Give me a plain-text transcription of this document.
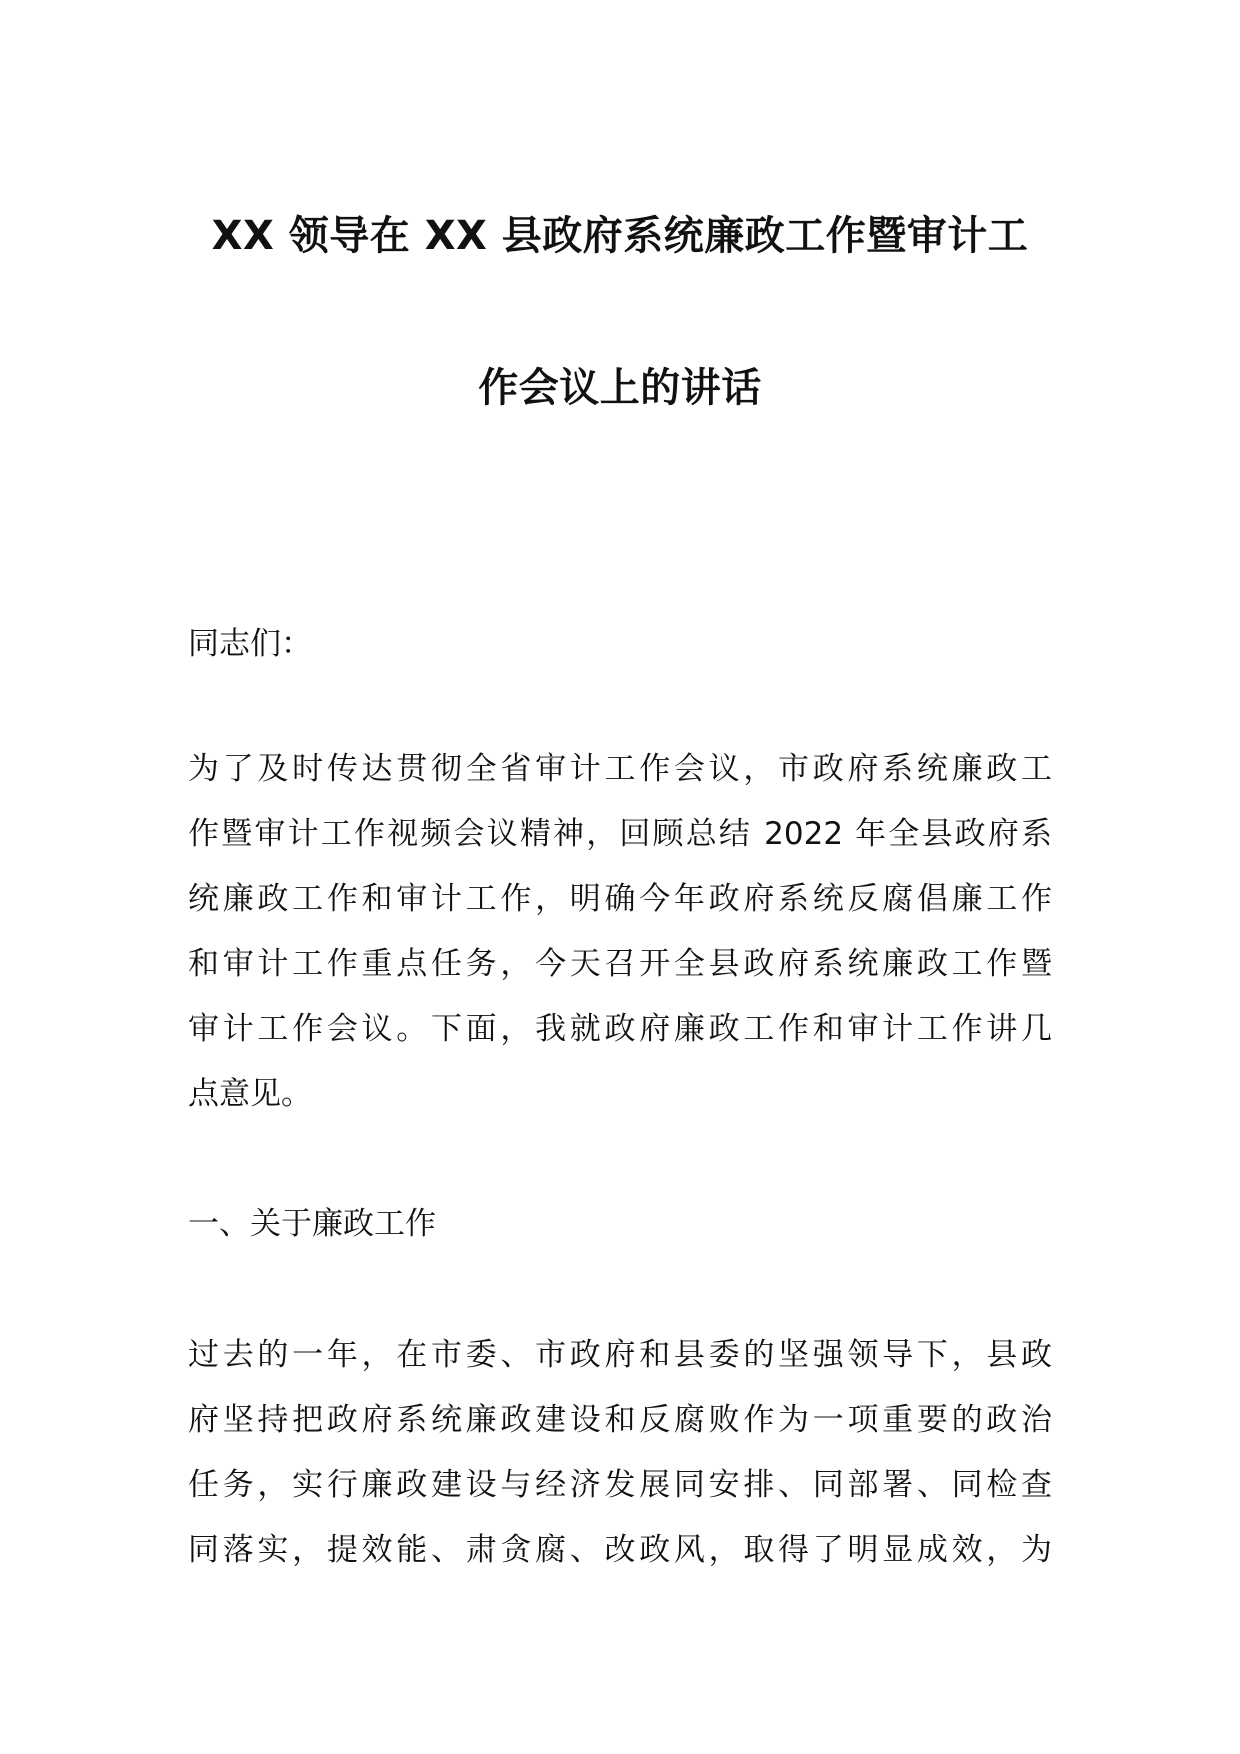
XX 领导在 XX 县政府系统廉政工作暨审计工
作会议上的讲话

同志们：

为了及时传达贯彻全省审计工作会议，市政府系统廉政工
作暨审计工作视频会议精神，回顾总结 2022 年全县政府系
统廉政工作和审计工作，明确今年政府系统反腐倡廉工作
和审计工作重点任务，今天召开全县政府系统廉政工作暨
审计工作会议。下面，我就政府廉政工作和审计工作讲几
点意见。

一、关于廉政工作

过去的一年，在市委、市政府和县委的坚强领导下，县政
府坚持把政府系统廉政建设和反腐败作为一项重要的政治
任务，实行廉政建设与经济发展同安排、同部署、同检查
同落实，提效能、肃贪腐、改政风，取得了明显成效，为
